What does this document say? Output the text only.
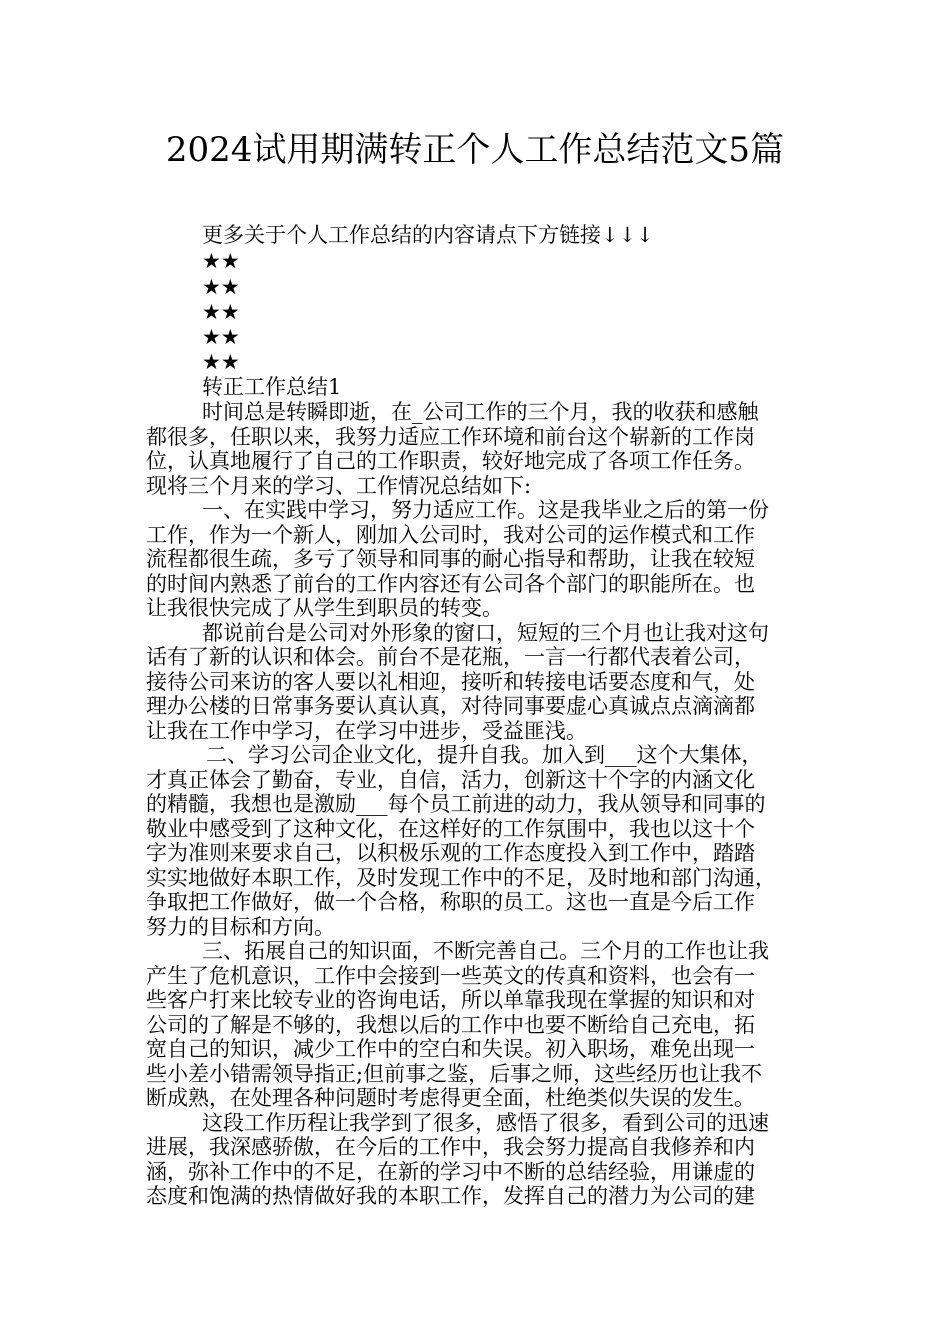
2024试用期满转正个人工作总结范文5篇
更多关于个人工作总结的内容请点下方链接↓↓↓
★★
★★
★★
★★
★★
转正工作总结1
时间总是转瞬即逝，在_公司工作的三个月，我的收获和感触
都很多，任职以来，我努力适应工作环境和前台这个崭新的工作岗
位，认真地履行了自己的工作职责，较好地完成了各项工作任务。
现将三个月来的学习、工作情况总结如下:
一、在实践中学习，努力适应工作。这是我毕业之后的第一份
工作，作为一个新人，刚加入公司时，我对公司的运作模式和工作
流程都很生疏，多亏了领导和同事的耐心指导和帮助，让我在较短
的时间内熟悉了前台的工作内容还有公司各个部门的职能所在。也
让我很快完成了从学生到职员的转变。
都说前台是公司对外形象的窗口，短短的三个月也让我对这句
话有了新的认识和体会。前台不是花瓶，一言一行都代表着公司，
接待公司来访的客人要以礼相迎，接听和转接电话要态度和气，处
理办公楼的日常事务要认真认真，对待同事要虚心真诚点点滴滴都
让我在工作中学习，在学习中进步，受益匪浅。
二、学习公司企业文化，提升自我。加入到___这个大集体，
才真正体会了勤奋，专业，自信，活力，创新这十个字的内涵文化
的精髓，我想也是激励___每个员工前进的动力，我从领导和同事的
敬业中感受到了这种文化，在这样好的工作氛围中，我也以这十个
字为准则来要求自己，以积极乐观的工作态度投入到工作中，踏踏
实实地做好本职工作，及时发现工作中的不足，及时地和部门沟通，
争取把工作做好，做一个合格，称职的员工。这也一直是今后工作
努力的目标和方向。
三、拓展自己的知识面，不断完善自己。三个月的工作也让我
产生了危机意识，工作中会接到一些英文的传真和资料，也会有一
些客户打来比较专业的咨询电话，所以单靠我现在掌握的知识和对
公司的了解是不够的，我想以后的工作中也要不断给自己充电，拓
宽自己的知识，减少工作中的空白和失误。初入职场，难免出现一
些小差小错需领导指正;但前事之鉴，后事之师，这些经历也让我不
断成熟，在处理各种问题时考虑得更全面，杜绝类似失误的发生。
这段工作历程让我学到了很多，感悟了很多，看到公司的迅速
进展，我深感骄傲，在今后的工作中，我会努力提高自我修养和内
涵，弥补工作中的不足，在新的学习中不断的总结经验，用谦虚的
态度和饱满的热情做好我的本职工作，发挥自己的潜力为公司的建
